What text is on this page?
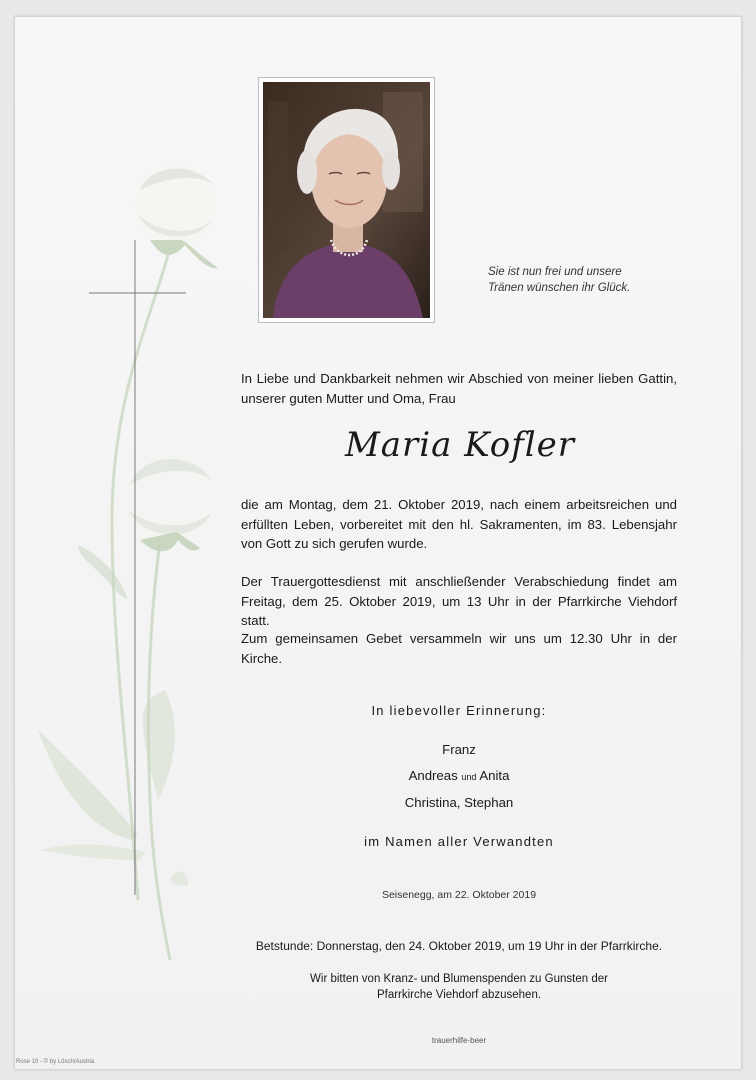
Sie ist nun frei und unsere
Tränen wünschen ihr Glück.
In Liebe und Dankbarkeit nehmen wir Abschied von meiner lieben Gattin, unserer guten Mutter und Oma, Frau
Maria Kofler
die am Montag, dem 21. Oktober 2019, nach einem arbeitsreichen und erfüllten Leben, vorbereitet mit den hl. Sakramenten, im 83. Lebensjahr von Gott zu sich gerufen wurde.
Der Trauergottesdienst mit anschließender Verabschiedung findet am Freitag, dem 25. Oktober 2019, um 13 Uhr in der Pfarrkirche Viehdorf statt.
Zum gemeinsamen Gebet versammeln wir uns um 12.30 Uhr in der Kirche.
In liebevoller Erinnerung:
Franz
Andreas und Anita
Christina, Stephan
im Namen aller Verwandten
Seisenegg, am 22. Oktober 2019
Betstunde: Donnerstag, den 24. Oktober 2019, um 19 Uhr in der Pfarrkirche.
Wir bitten von Kranz- und Blumenspenden zu Gunsten der
Pfarrkirche Viehdorf abzusehen.
trauerhilfe-beer
Rose 10 - © by Lösch/Austria
